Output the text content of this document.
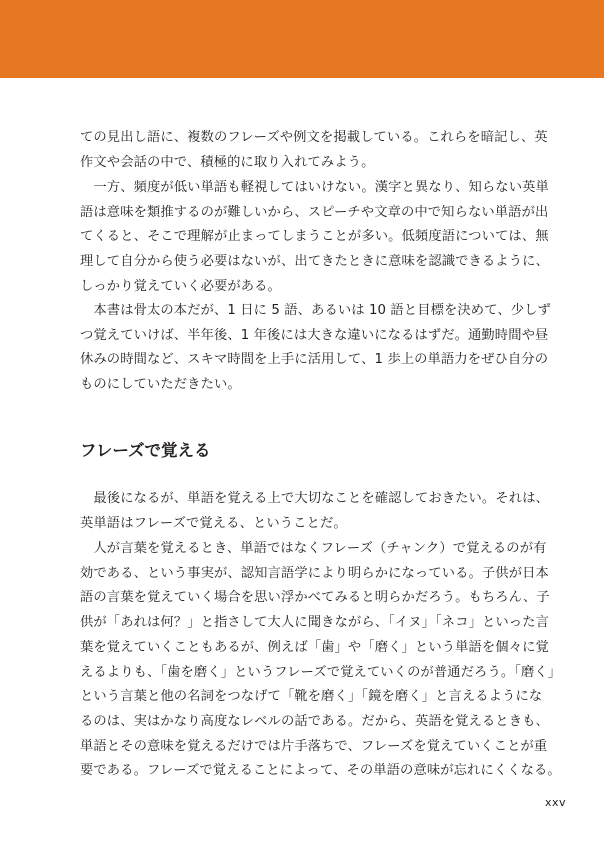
ての見出し語に、複数のフレーズや例文を掲載している。これらを暗記し、英
作文や会話の中で、積極的に取り入れてみよう。
　一方、頻度が低い単語も軽視してはいけない。漢字と異なり、知らない英単
語は意味を類推するのが難しいから、スピーチや文章の中で知らない単語が出
てくると、そこで理解が止まってしまうことが多い。低頻度語については、無
理して自分から使う必要はないが、出てきたときに意味を認識できるように、
しっかり覚えていく必要がある。
　本書は骨太の本だが、1 日に 5 語、あるいは 10 語と目標を決めて、少しず
つ覚えていけば、半年後、1 年後には大きな違いになるはずだ。通勤時間や昼
休みの時間など、スキマ時間を上手に活用して、1 歩上の単語力をぜひ自分の
ものにしていただきたい。
フレーズで覚える
　最後になるが、単語を覚える上で大切なことを確認しておきたい。それは、
英単語はフレーズで覚える、ということだ。
　人が言葉を覚えるとき、単語ではなくフレーズ（チャンク）で覚えるのが有
効である、という事実が、認知言語学により明らかになっている。子供が日本
語の言葉を覚えていく場合を思い浮かべてみると明らかだろう。もちろん、子
供が「あれは何？」と指さして大人に聞きながら、「イヌ」「ネコ」といった言
葉を覚えていくこともあるが、例えば「歯」や「磨く」という単語を個々に覚
えるよりも、「歯を磨く」というフレーズで覚えていくのが普通だろう。「磨く」
という言葉と他の名詞をつなげて「靴を磨く」「鏡を磨く」と言えるようにな
るのは、実はかなり高度なレベルの話である。だから、英語を覚えるときも、
単語とその意味を覚えるだけでは片手落ちで、フレーズを覚えていくことが重
要である。フレーズで覚えることによって、その単語の意味が忘れにくくなる。
xxv
